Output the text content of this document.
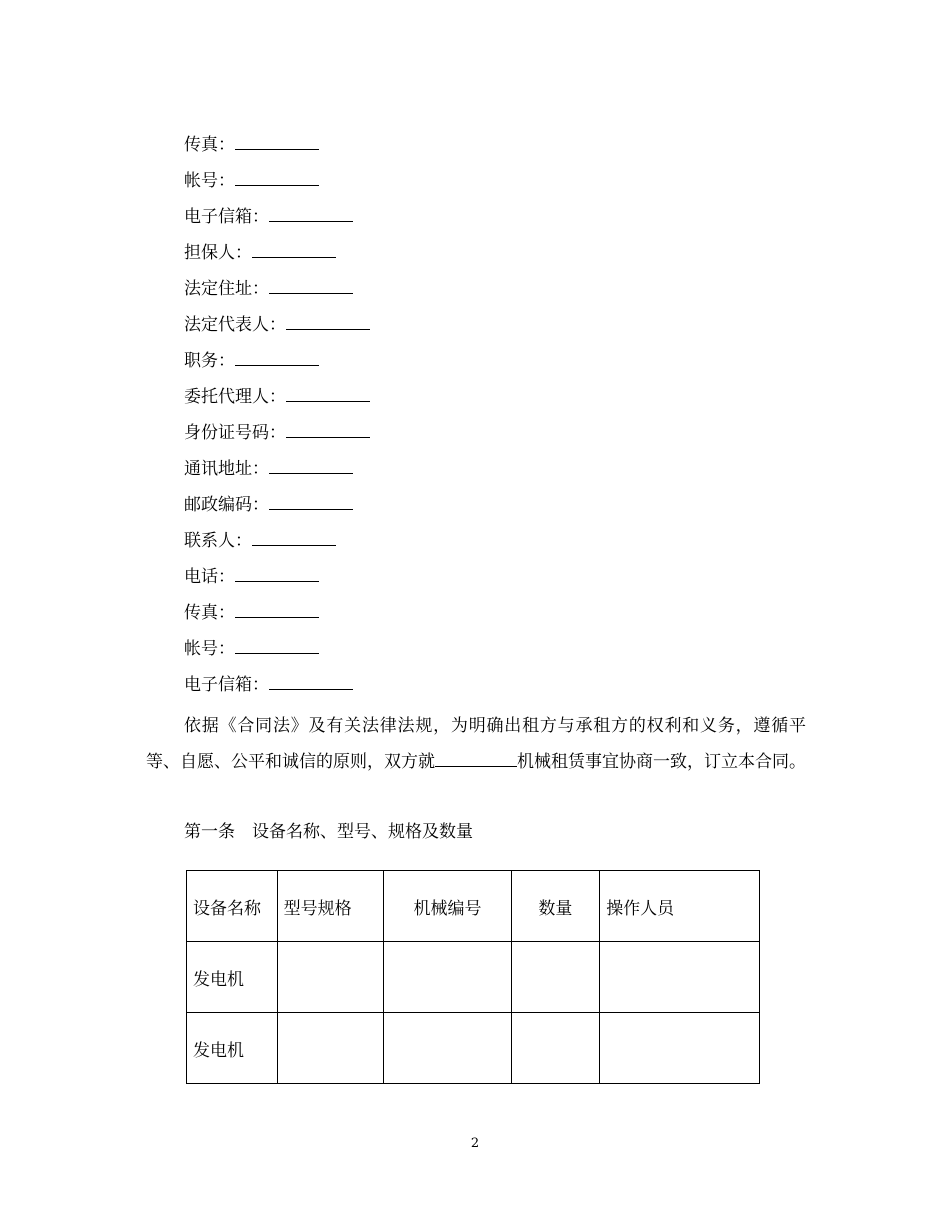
传真：
帐号：
电子信箱：
担保人：
法定住址：
法定代表人：
职务：
委托代理人：
身份证号码：
通讯地址：
邮政编码：
联系人：
电话：
传真：
帐号：
电子信箱：
依据《合同法》及有关法律法规，为明确出租方与承租方的权利和义务，遵循平等、自愿、公平和诚信的原则，双方就	机械租赁事宜协商一致，订立本合同。
第一条　设备名称、型号、规格及数量
设备名称	型号规格	机械编号	数量	操作人员
发电机				
发电机				
2
